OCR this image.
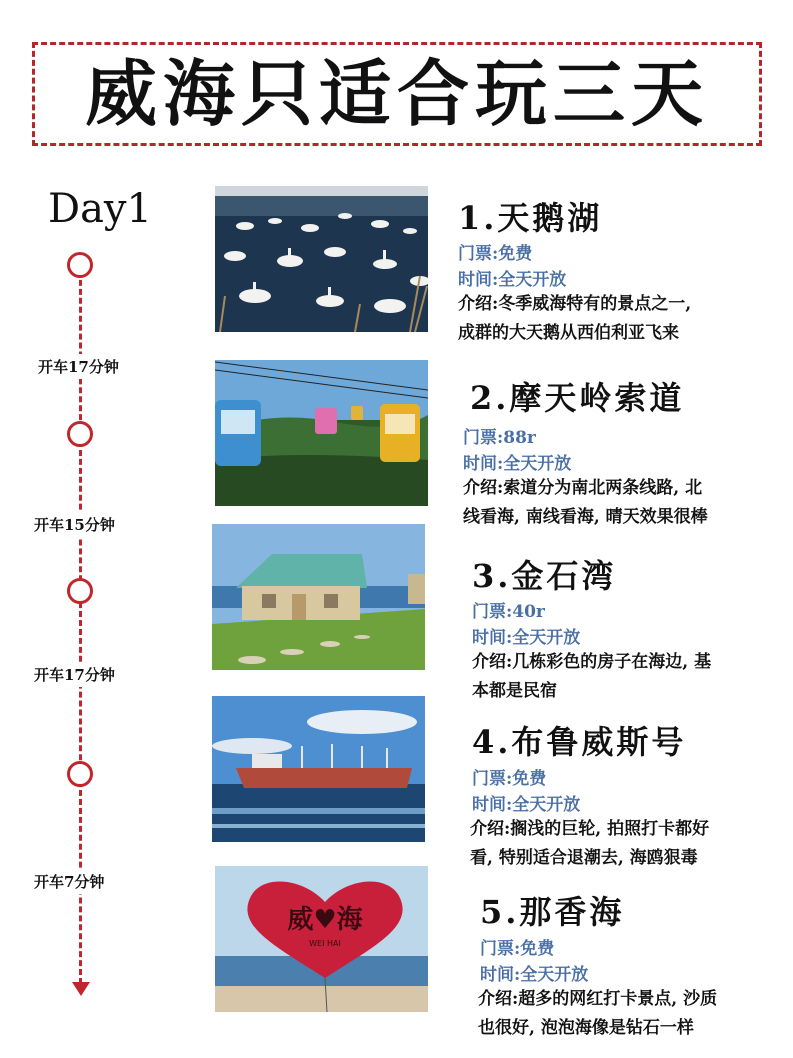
威海只适合玩三天
Day1
开车17分钟
开车15分钟
开车17分钟
开车7分钟
威♥海
WEI HAI
1.天鹅湖
门票:免费
时间:全天开放
介绍:冬季威海特有的景点之一,
成群的大天鹅从西伯利亚飞来
2.摩天岭索道
门票:88r
时间:全天开放
介绍:索道分为南北两条线路, 北
线看海, 南线看海, 晴天效果很棒
3.金石湾
门票:40r
时间:全天开放
介绍:几栋彩色的房子在海边, 基
本都是民宿
4.布鲁威斯号
门票:免费
时间:全天开放
介绍:搁浅的巨轮, 拍照打卡都好
看, 特别适合退潮去, 海鸥狠毒
5.那香海
门票:免费
时间:全天开放
介绍:超多的网红打卡景点, 沙质
也很好, 泡泡海像是钻石一样
